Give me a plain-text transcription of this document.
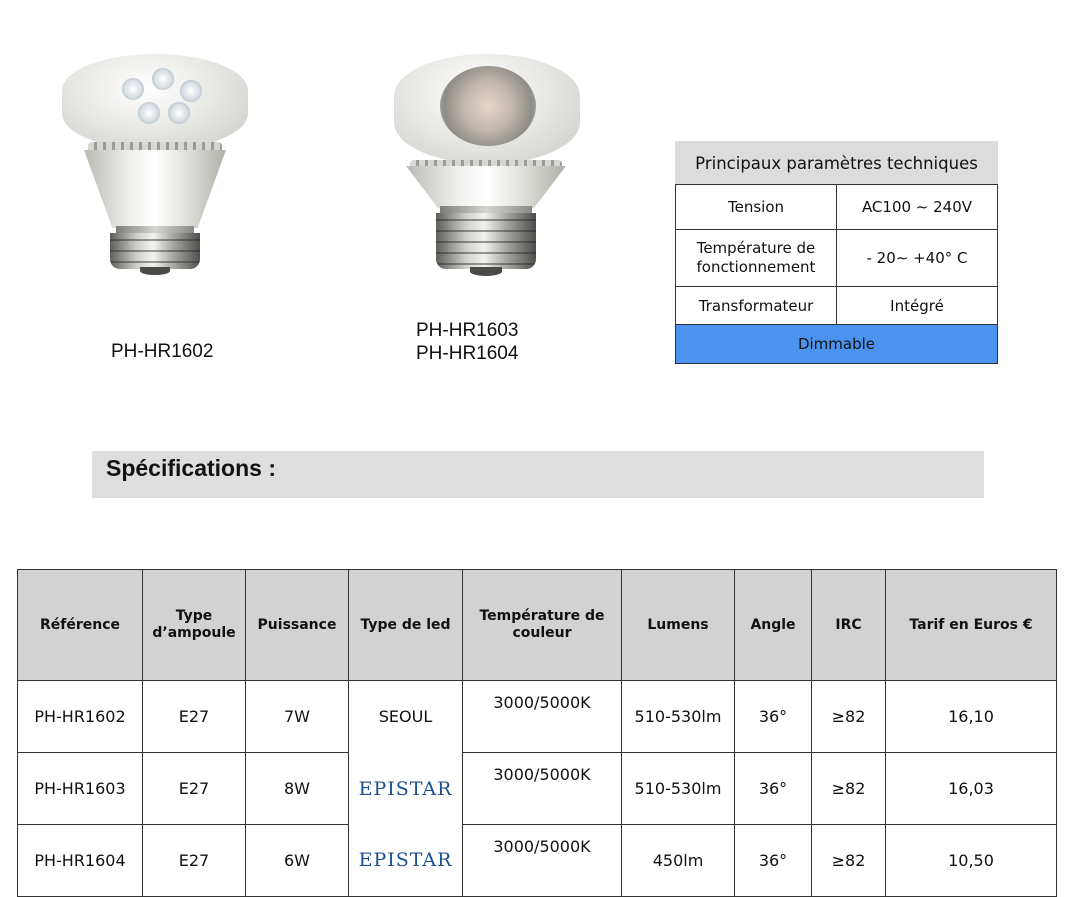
PH-HR1602
PH-HR1603
PH-HR1604
Principaux paramètres techniques	
Tension	AC100 ∼ 240V
Température de fonctionnement	- 20∼ +40° C
Transformateur	Intégré
Dimmable	
Spécifications :
Référence	Type d’ampoule	Puissance	Type de led	Température de couleur	Lumens	Angle	IRC	Tarif en Euros €
PH-HR1602	E27	7W	SEOUL	3000/5000K	510-530lm	36°	≥82	16,10
PH-HR1603	E27	8W	EPISTAR	3000/5000K	510-530lm	36°	≥82	16,03
PH-HR1604	E27	6W	EPISTAR	3000/5000K	450lm	36°	≥82	10,50
